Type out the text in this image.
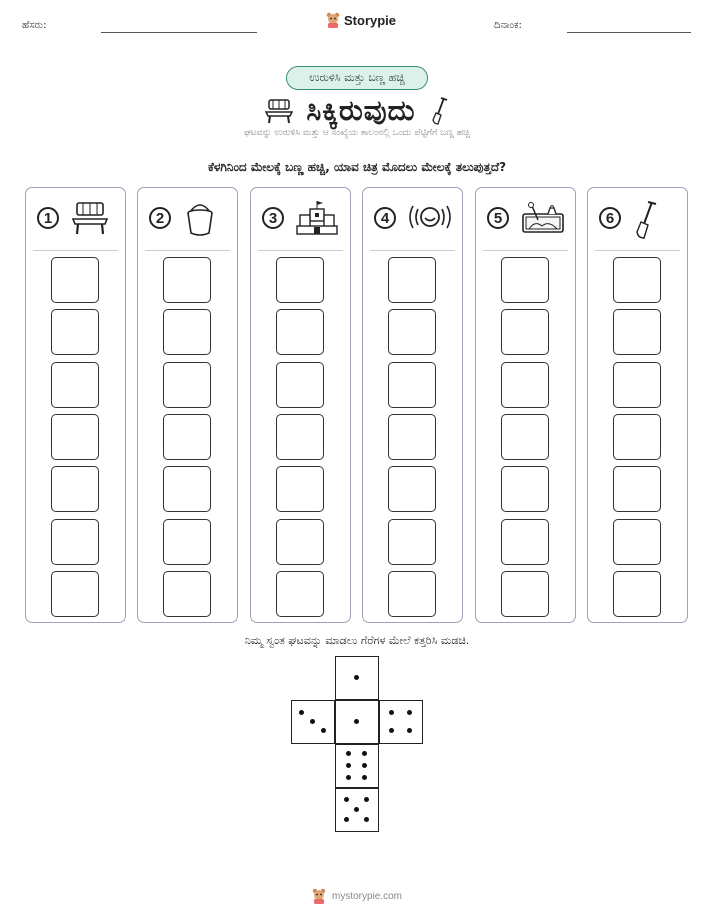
ಹೆಸರು:	Storypie	ದಿನಾಂಕ:
ಉರುಳಿಸಿ ಮತ್ತು ಬಣ್ಣ ಹಚ್ಚಿ
ಸಿಕ್ಕಿರುವುದು
ಘಟವನ್ನು ಉರುಳಿಸಿ ಮತ್ತು ಆ ಸಂಖ್ಯೆಯ ಕಾಲಂನಲ್ಲಿ ಒಂದು ಪೆಟ್ಟಿಗೆಗೆ ಬಣ್ಣ ಹಚ್ಚಿ
ಕೆಳಗಿನಿಂದ ಮೇಲಕ್ಕೆ ಬಣ್ಣ ಹಚ್ಚಿ, ಯಾವ ಚಿತ್ರ ಮೊದಲು ಮೇಲಕ್ಕೆ ತಲುಪುತ್ತದೆ?
1	2	3	4	5	6
ನಿಮ್ಮ ಸ್ವಂತ ಘಟವನ್ನು ಮಾಡಲು ಗೆರೆಗಳ ಮೇಲೆ ಕತ್ತರಿಸಿ ಮಡಚಿ.
mystorypie.com
